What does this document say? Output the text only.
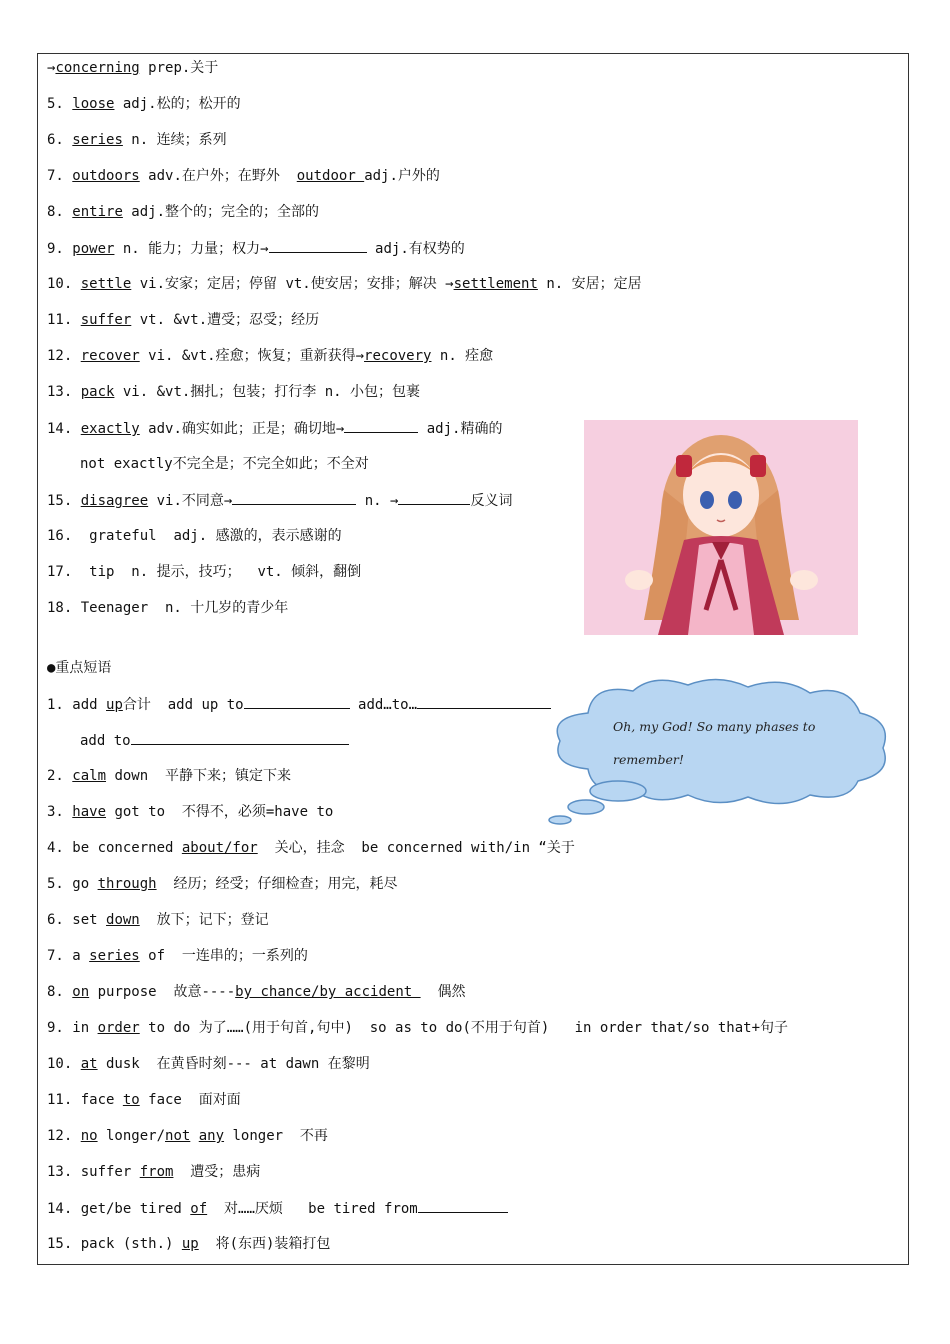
→concerning prep.关于
5. loose adj.松的；松开的
6. series n. 连续；系列
7. outdoors adv.在户外；在野外  outdoor adj.户外的
8. entire adj.整个的；完全的；全部的
9. power n. 能力；力量；权力→	adj.有权势的
10. settle vi.安家；定居；停留 vt.使安居；安排；解决 →settlement n. 安居；定居
11. suffer vt. &vt.遭受；忍受；经历
12. recover vi. &vt.痊愈；恢复；重新获得→recovery n. 痊愈
13. pack vi. &vt.捆扎；包装；打行李 n. 小包；包裹
14. exactly adv.确实如此；正是；确切地→	adj.精确的
not exactly不完全是；不完全如此；不全对
15. disagree vi.不同意→	n. →	反义词
16.  grateful  adj. 感激的，表示感谢的
17.  tip  n. 提示，技巧；  vt. 倾斜，翻倒
18. Teenager  n. 十几岁的青少年
●重点短语
1. add up合计  add up to	add…to…
add to
2. calm down  平静下来；镇定下来
3. have got to  不得不，必须=have to
4. be concerned about/for  关心，挂念  be concerned with/in “关于
5. go through  经历；经受；仔细检查；用完，耗尽
6. set down  放下；记下；登记
7. a series of  一连串的；一系列的
8. on purpose  故意----by chance/by accident   偶然
9. in order to do 为了……(用于句首,句中)  so as to do(不用于句首)   in order that/so that+句子
10. at dusk  在黄昏时刻--- at dawn 在黎明
11. face to face  面对面
12. no longer/not any longer  不再
13. suffer from  遭受；患病
14. get/be tired of  对……厌烦   be tired from
15. pack (sth.) up  将(东西)装箱打包
Oh, my God! So many phases to remember!
